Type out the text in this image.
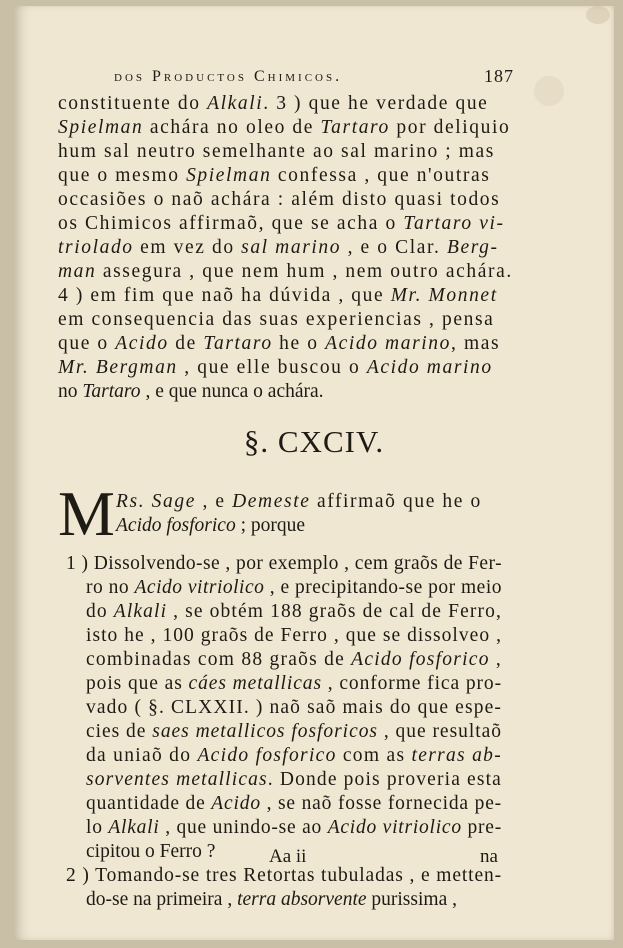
dos Productos Chimicos.	187
constituente do Alkali. 3 ) que he verdade que
Spielman achára no oleo de Tartaro por deliquio
hum sal neutro semelhante ao sal marino ; mas
que o mesmo Spielman confessa , que n'outras
occasiões o naõ achára : além disto quasi todos
os Chimicos affirmaõ, que se acha o Tartaro vi-
triolado em vez do sal marino , e o Clar. Berg-
man assegura , que nem hum , nem outro achára.
4 ) em fim que naõ ha dúvida , que Mr. Monnet
em consequencia das suas experiencias , pensa
que o Acido de Tartaro he o Acido marino, mas
Mr. Bergman , que elle buscou o Acido marino
no Tartaro , e que nunca o achára.
Rs. Sage , e Demeste affirmaõ que he o
Acido fosforico ; porque
1 ) Dissolvendo-se , por exemplo , cem graõs de Fer-
ro no Acido vitriolico , e precipitando-se por meio
do Alkali , se obtém 188 graõs de cal de Ferro,
isto he , 100 graõs de Ferro , que se dissolveo ,
combinadas com 88 graõs de Acido fosforico ,
pois que as cáes metallicas , conforme fica pro-
vado ( §. CLXXII. ) naõ saõ mais do que espe-
cies de saes metallicos fosforicos , que resultaõ
da uniaõ do Acido fosforico com as terras ab-
sorventes metallicas. Donde pois proveria esta
quantidade de Acido , se naõ fosse fornecida pe-
lo Alkali , que unindo-se ao Acido vitriolico pre-
cipitou o Ferro ?
2 ) Tomando-se tres Retortas tubuladas , e metten-
do-se na primeira , terra absorvente purissima ,
§. CXCIV.
M
Aa ii	na
